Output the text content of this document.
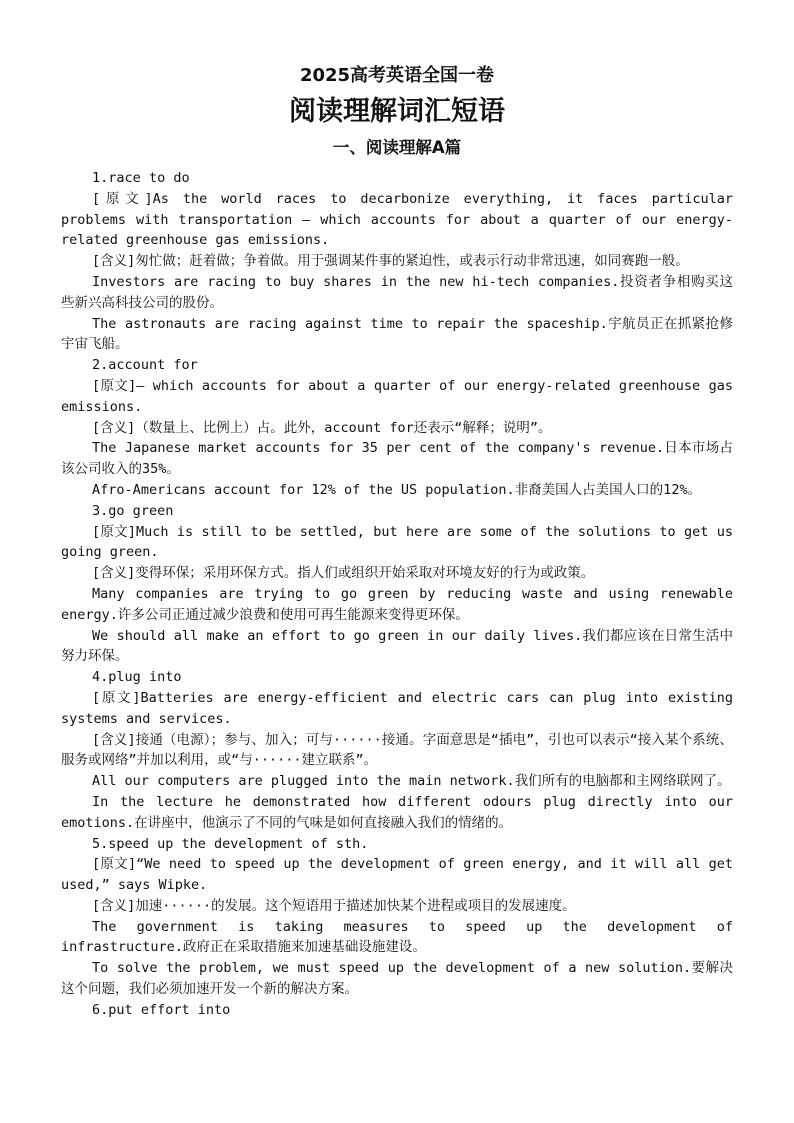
2025高考英语全国一卷
阅读理解词汇短语
一、阅读理解A篇

1.race to do

[原文]As the world races to decarbonize everything, it faces particular problems with transportation — which accounts for about a quarter of our energy-related greenhouse gas emissions.

[含义]匆忙做；赶着做；争着做。用于强调某件事的紧迫性，或表示行动非常迅速，如同赛跑一般。

Investors are racing to buy shares in the new hi-tech companies.投资者争相购买这些新兴高科技公司的股份。

The astronauts are racing against time to repair the spaceship.宇航员正在抓紧抢修宇宙飞船。

2.account for

[原文]— which accounts for about a quarter of our energy-related greenhouse gas emissions.

[含义]（数量上、比例上）占。此外，account for还表示“解释；说明”。

The Japanese market accounts for 35 per cent of the company's revenue.日本市场占该公司收入的35%。

Afro-Americans account for 12% of the US population.非裔美国人占美国人口的12%。

3.go green

[原文]Much is still to be settled, but here are some of the solutions to get us going green.

[含义]变得环保；采用环保方式。指人们或组织开始采取对环境友好的行为或政策。

Many companies are trying to go green by reducing waste and using renewable energy.许多公司正通过减少浪费和使用可再生能源来变得更环保。

We should all make an effort to go green in our daily lives.我们都应该在日常生活中努力环保。

4.plug into

[原文]Batteries are energy-efficient and electric cars can plug into existing systems and services.

[含义]接通（电源）；参与、加入；可与······接通。字面意思是“插电”，引也可以表示“接入某个系统、服务或网络”并加以利用，或“与······建立联系”。

All our computers are plugged into the main network.我们所有的电脑都和主网络联网了。

In the lecture he demonstrated how different odours plug directly into our emotions.在讲座中，他演示了不同的气味是如何直接融入我们的情绪的。

5.speed up the development of sth.

[原文]“We need to speed up the development of green energy, and it will all get used,” says Wipke.

[含义]加速······的发展。这个短语用于描述加快某个进程或项目的发展速度。

The government is taking measures to speed up the development of infrastructure.政府正在采取措施来加速基础设施建设。

To solve the problem, we must speed up the development of a new solution.要解决这个问题，我们必须加速开发一个新的解决方案。

6.put effort into
